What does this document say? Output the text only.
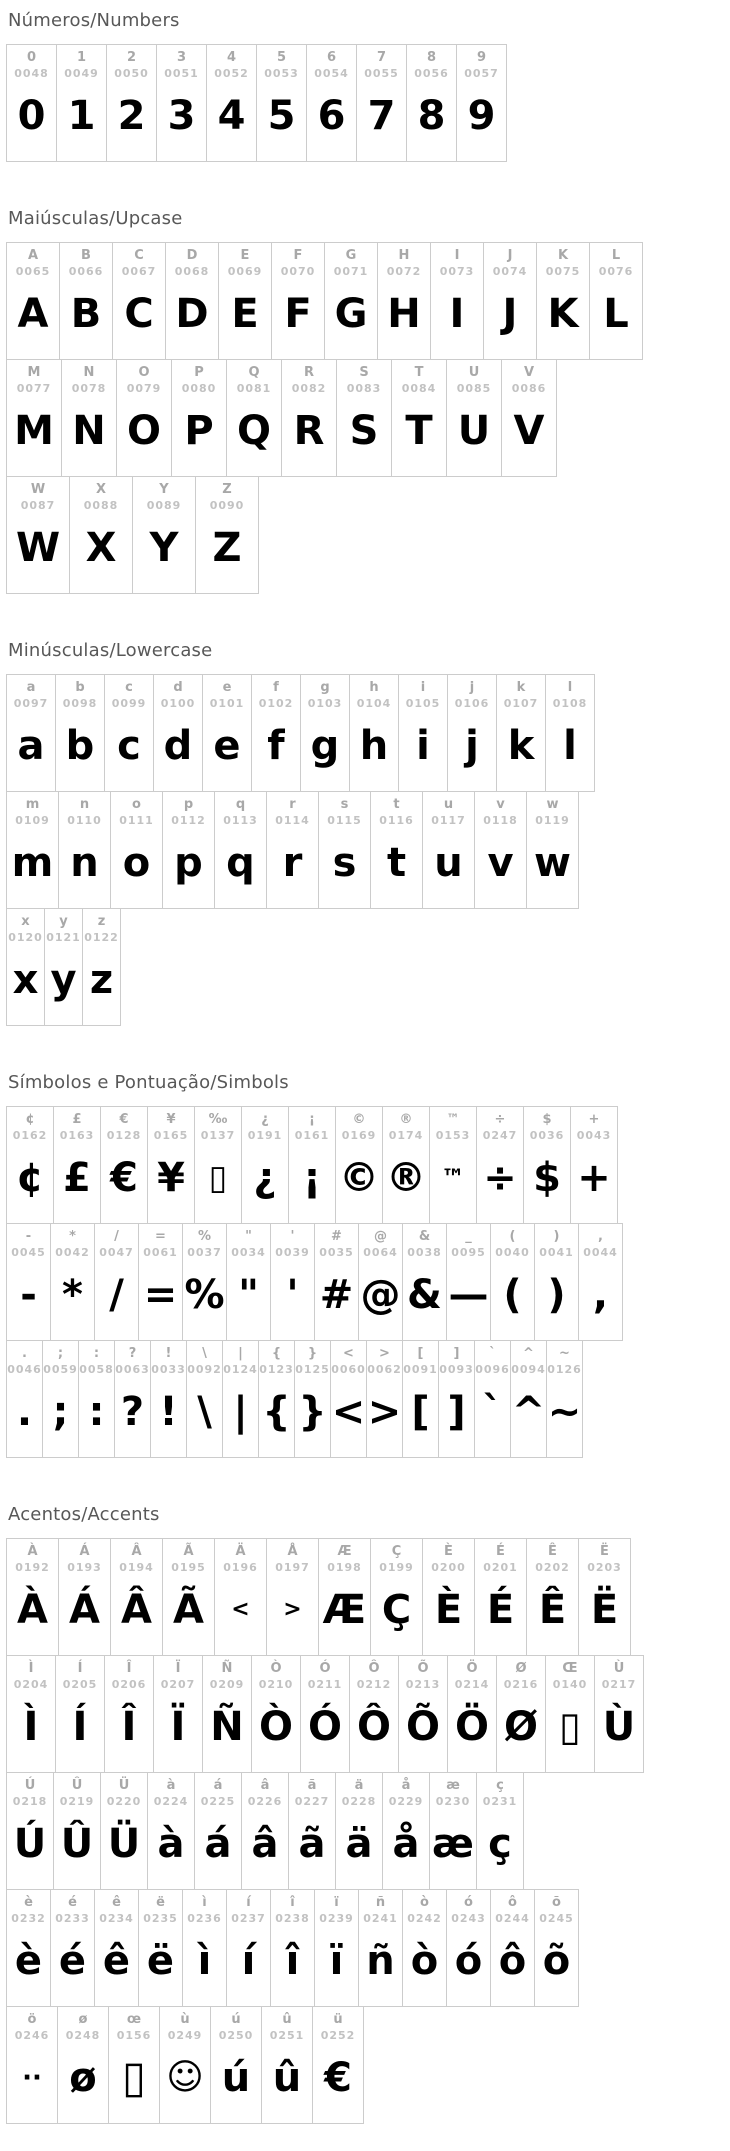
Números/Numbers
0
0048
0
1
0049
1
2
0050
2
3
0051
3
4
0052
4
5
0053
5
6
0054
6
7
0055
7
8
0056
8
9
0057
9
Maiúsculas/Upcase
A
0065
A
B
0066
B
C
0067
C
D
0068
D
E
0069
E
F
0070
F
G
0071
G
H
0072
H
I
0073
I
J
0074
J
K
0075
K
L
0076
L
M
0077
M
N
0078
N
O
0079
O
P
0080
P
Q
0081
Q
R
0082
R
S
0083
S
T
0084
T
U
0085
U
V
0086
V
W
0087
W
X
0088
X
Y
0089
Y
Z
0090
Z
Minúsculas/Lowercase
a
0097
a
b
0098
b
c
0099
c
d
0100
d
e
0101
e
f
0102
f
g
0103
g
h
0104
h
i
0105
i
j
0106
j
k
0107
k
l
0108
l
m
0109
m
n
0110
n
o
0111
o
p
0112
p
q
0113
q
r
0114
r
s
0115
s
t
0116
t
u
0117
u
v
0118
v
w
0119
w
x
0120
x
y
0121
y
z
0122
z
Símbolos e Pontuação/Simbols
¢
0162
¢
£
0163
£
€
0128
€
¥
0165
¥
‰
0137
▯
¿
0191
¿
¡
0161
¡
©
0169
©
®
0174
®
™
0153
™
÷
0247
÷
$
0036
$
+
0043
+
-
0045
-
*
0042
*
/
0047
/
=
0061
=
%
0037
%
"
0034
"
'
0039
'
#
0035
#
@
0064
@
&
0038
&
_
0095
—
(
0040
(
)
0041
)
,
0044
,
.
0046
.
;
0059
;
:
0058
:
?
0063
?
!
0033
!
\
0092
\
|
0124
|
{
0123
{
}
0125
}
<
0060
<
>
0062
>
[
0091
[
]
0093
]
`
0096
`
^
0094
^
~
0126
~
Acentos/Accents
À
0192
À
Á
0193
Á
Â
0194
Â
Ã
0195
Ã
Ä
0196
<
Å
0197
>
Æ
0198
Æ
Ç
0199
Ç
È
0200
È
É
0201
É
Ê
0202
Ê
Ë
0203
Ë
Ì
0204
Ì
Í
0205
Í
Î
0206
Î
Ï
0207
Ï
Ñ
0209
Ñ
Ò
0210
Ò
Ó
0211
Ó
Ô
0212
Ô
Õ
0213
Õ
Ö
0214
Ö
Ø
0216
Ø
Œ
0140
▯
Ù
0217
Ù
Ú
0218
Ú
Û
0219
Û
Ü
0220
Ü
à
0224
à
á
0225
á
â
0226
â
ã
0227
ã
ä
0228
ä
å
0229
å
æ
0230
æ
ç
0231
ç
è
0232
è
é
0233
é
ê
0234
ê
ë
0235
ë
ì
0236
ì
í
0237
í
î
0238
î
ï
0239
ï
ñ
0241
ñ
ò
0242
ò
ó
0243
ó
ô
0244
ô
õ
0245
õ
ö
0246
··
ø
0248
ø
œ
0156
▯
ù
0249
☺
ú
0250
ú
û
0251
û
ü
0252
€
